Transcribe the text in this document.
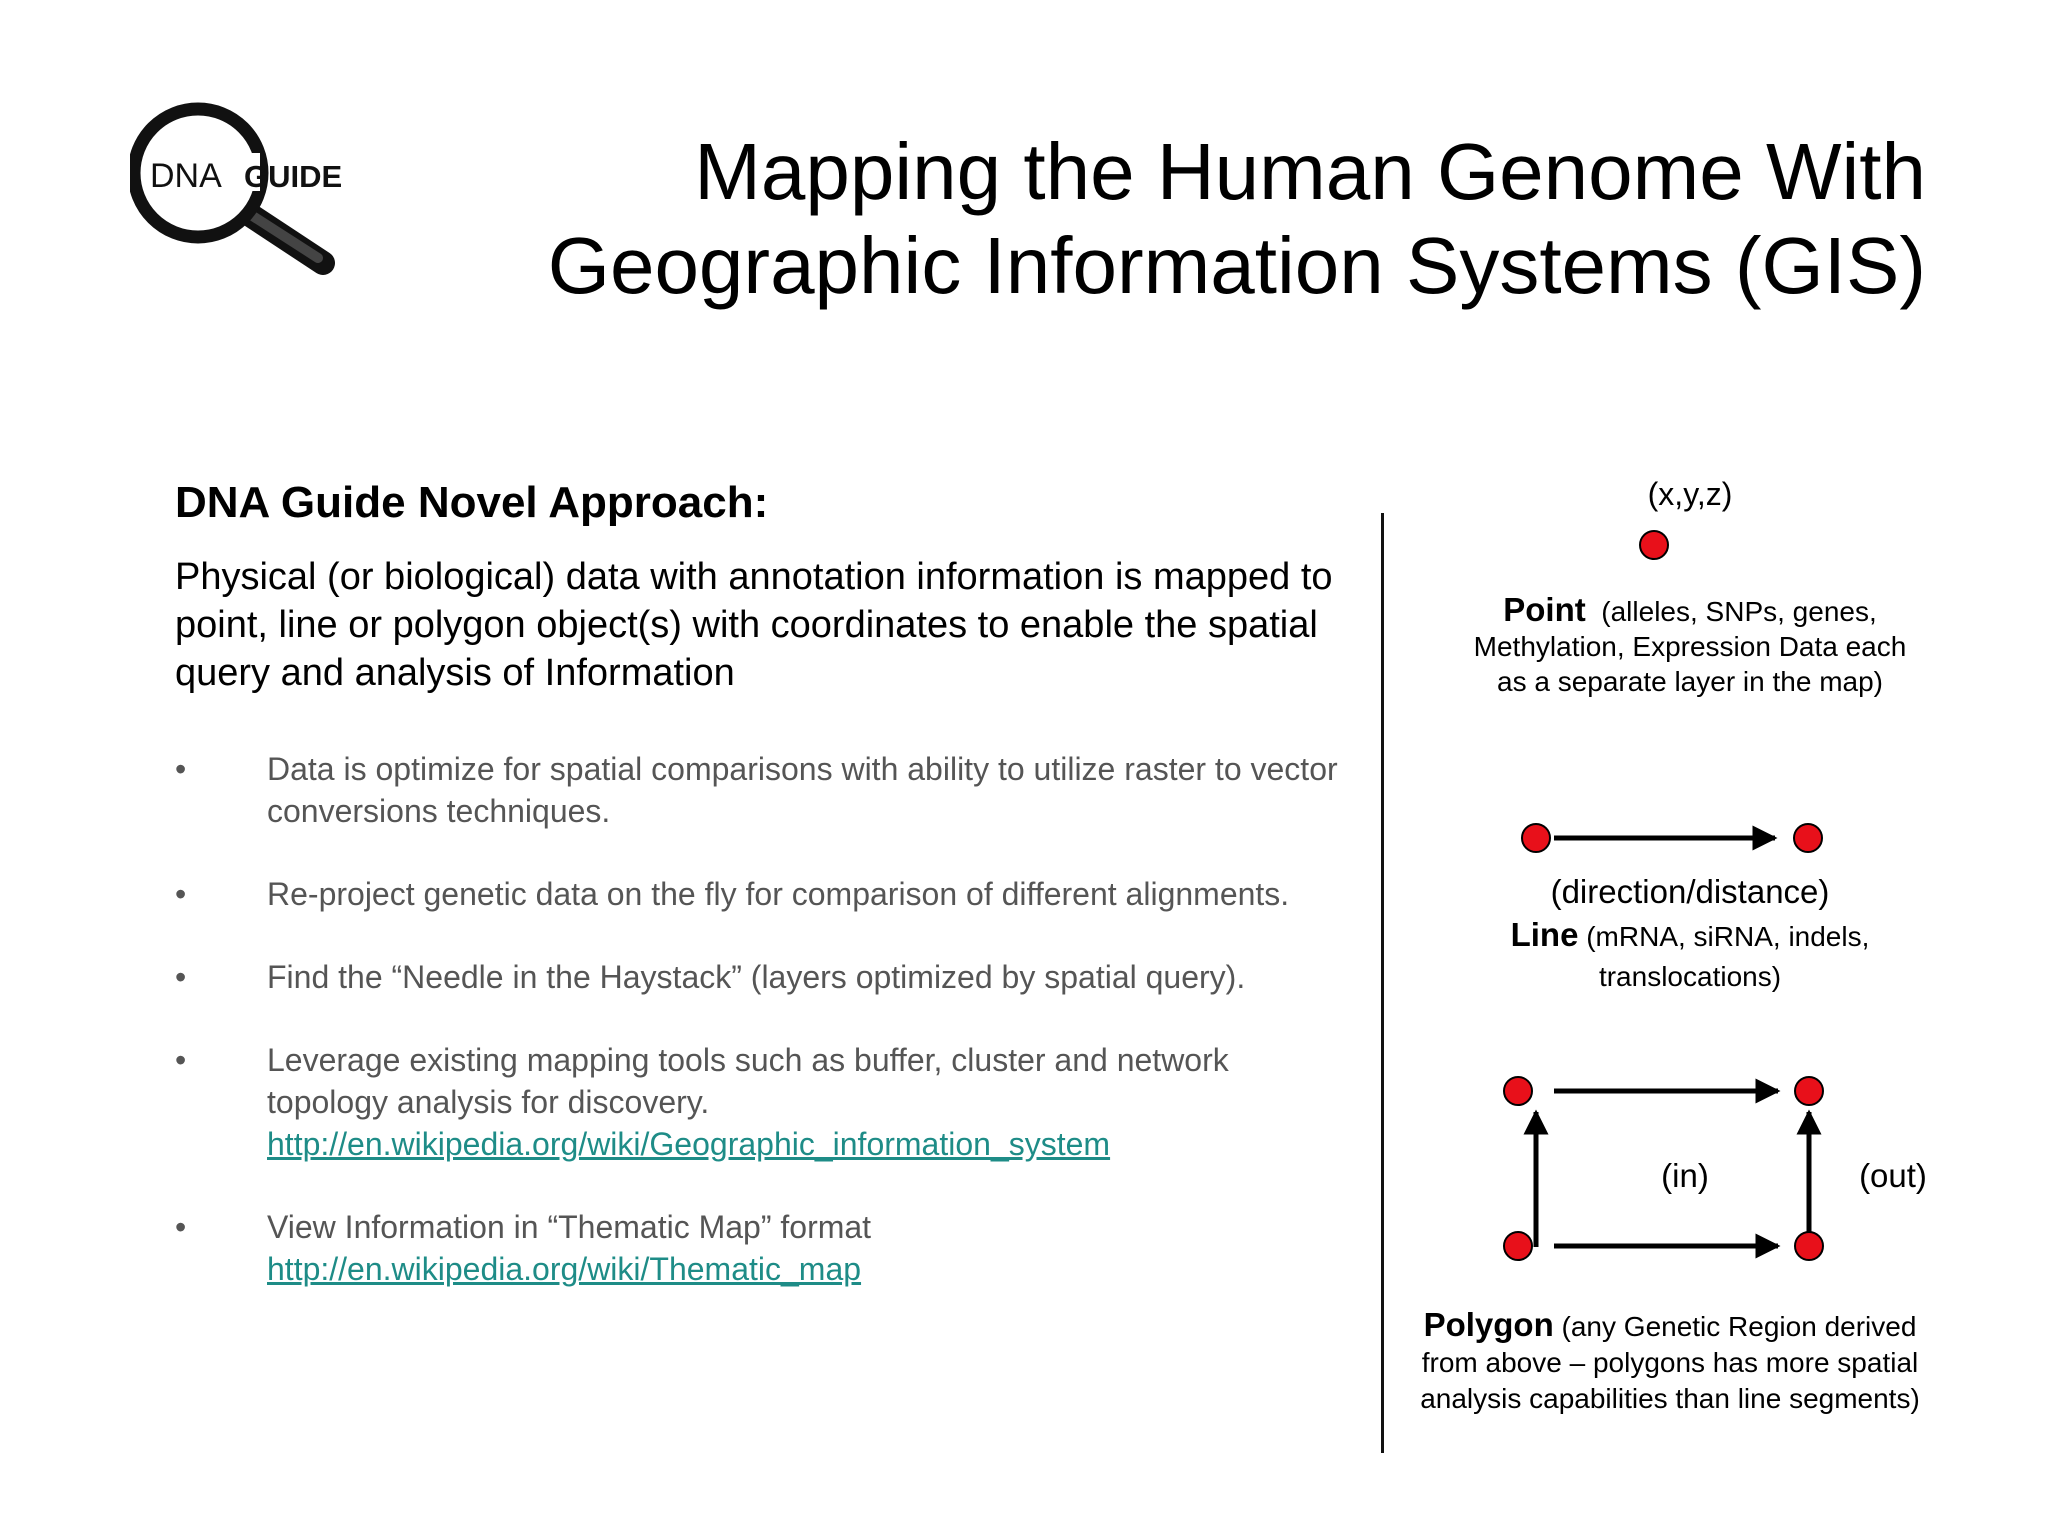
DNA GUIDE	Mapping the Human Genome With
Geographic Information Systems (GIS)
DNA Guide Novel Approach:
Physical (or biological) data with annotation information is mapped to point, line or polygon object(s) with coordinates to enable the spatial query and analysis of Information
•	Data is optimize for spatial comparisons with ability to utilize raster to vector conversions techniques.
•	Re-project genetic data on the fly for comparison of different alignments.
•	Find the “Needle in the Haystack” (layers optimized by spatial query).
•	Leverage existing mapping tools such as buffer, cluster and network topology analysis for discovery.
http://en.wikipedia.org/wiki/Geographic_information_system
•	View Information in “Thematic Map” format
http://en.wikipedia.org/wiki/Thematic_map
(x,y,z)
Point  (alleles, SNPs, genes, Methylation, Expression Data each as a separate layer in the map)
(direction/distance)
Line (mRNA, siRNA, indels, translocations)
(in)	(out)
Polygon (any Genetic Region derived from above – polygons has more spatial analysis capabilities than line segments)
